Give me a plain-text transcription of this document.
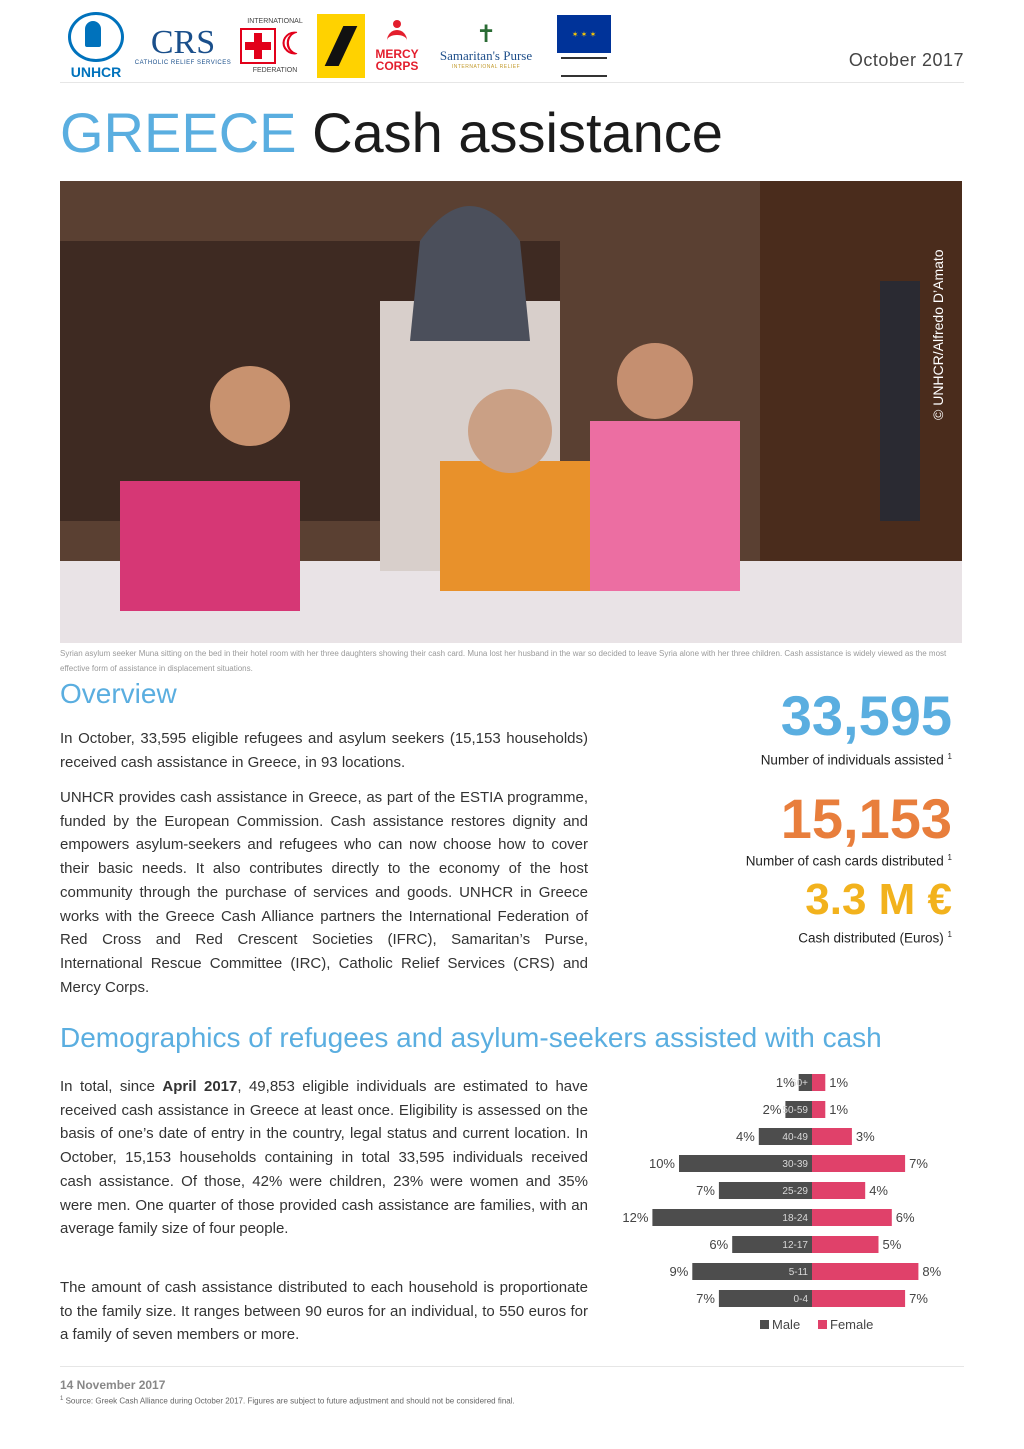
UNHCR
CRS
CATHOLIC RELIEF SERVICES
INTERNATIONAL
☾
FEDERATION
MERCY CORPS
✝
Samaritan's Purse
INTERNATIONAL RELIEF
✶ ✶ ✶
October 2017
GREECE Cash assistance
© UNHCR/Alfredo D’Amato
Syrian asylum seeker Muna sitting on the bed in their hotel room with her three daughters showing their cash card. Muna lost her husband in the war so decided to leave Syria alone with her three children. Cash assistance is widely viewed as the most effective form of assistance in displacement situations.
Overview

In October, 33,595 eligible refugees and asylum seekers (15,153 households) received cash assistance in Greece, in 93 locations.

UNHCR provides cash assistance in Greece, as part of the ESTIA programme, funded by the European Commission. Cash assistance restores dignity and empowers asylum-seekers and refugees who can now choose how to cover their basic needs. It also contributes directly to the economy of the host community through the purchase of services and goods. UNHCR in Greece works with the Greece Cash Alliance partners the International Federation of Red Cross and Red Crescent Societies (IFRC), Samaritan’s Purse, International Rescue Committee (IRC), Catholic Relief Services (CRS) and Mercy Corps.

33,595
Number of individuals assisted $^1$
15,153
Number of cash cards distributed $^1$
3.3 M €
Cash distributed (Euros) $^1$
Demographics of refugees and asylum-seekers assisted with cash

In total, since April 2017, 49,853 eligible individuals are estimated to have received cash assistance in Greece at least once. Eligibility is assessed on the basis of one’s date of entry in the country, legal status and current location. In October, 15,153 households containing in total 33,595 individuals received cash assistance. Of those, 42% were children, 23% were women and 35% were men. One quarter of those provided cash assistance are families, with an average family size of four people.

The amount of cash assistance distributed to each household is proportionate to the family size. It ranges between 90 euros for an individual, to 550 euros for a family of seven members or more.

60+
1%	1%
50-59
2%	1%
40-49
4%	3%
30-39
10%	7%
25-29
7%	4%
18-24
12%	6%
12-17
6%	5%
5-11
9%	8%
0-4
7%	7%
Male Female
14 November 2017
$^1$ Source: Greek Cash Alliance during October 2017. Figures are subject to future adjustment and should not be considered final.
